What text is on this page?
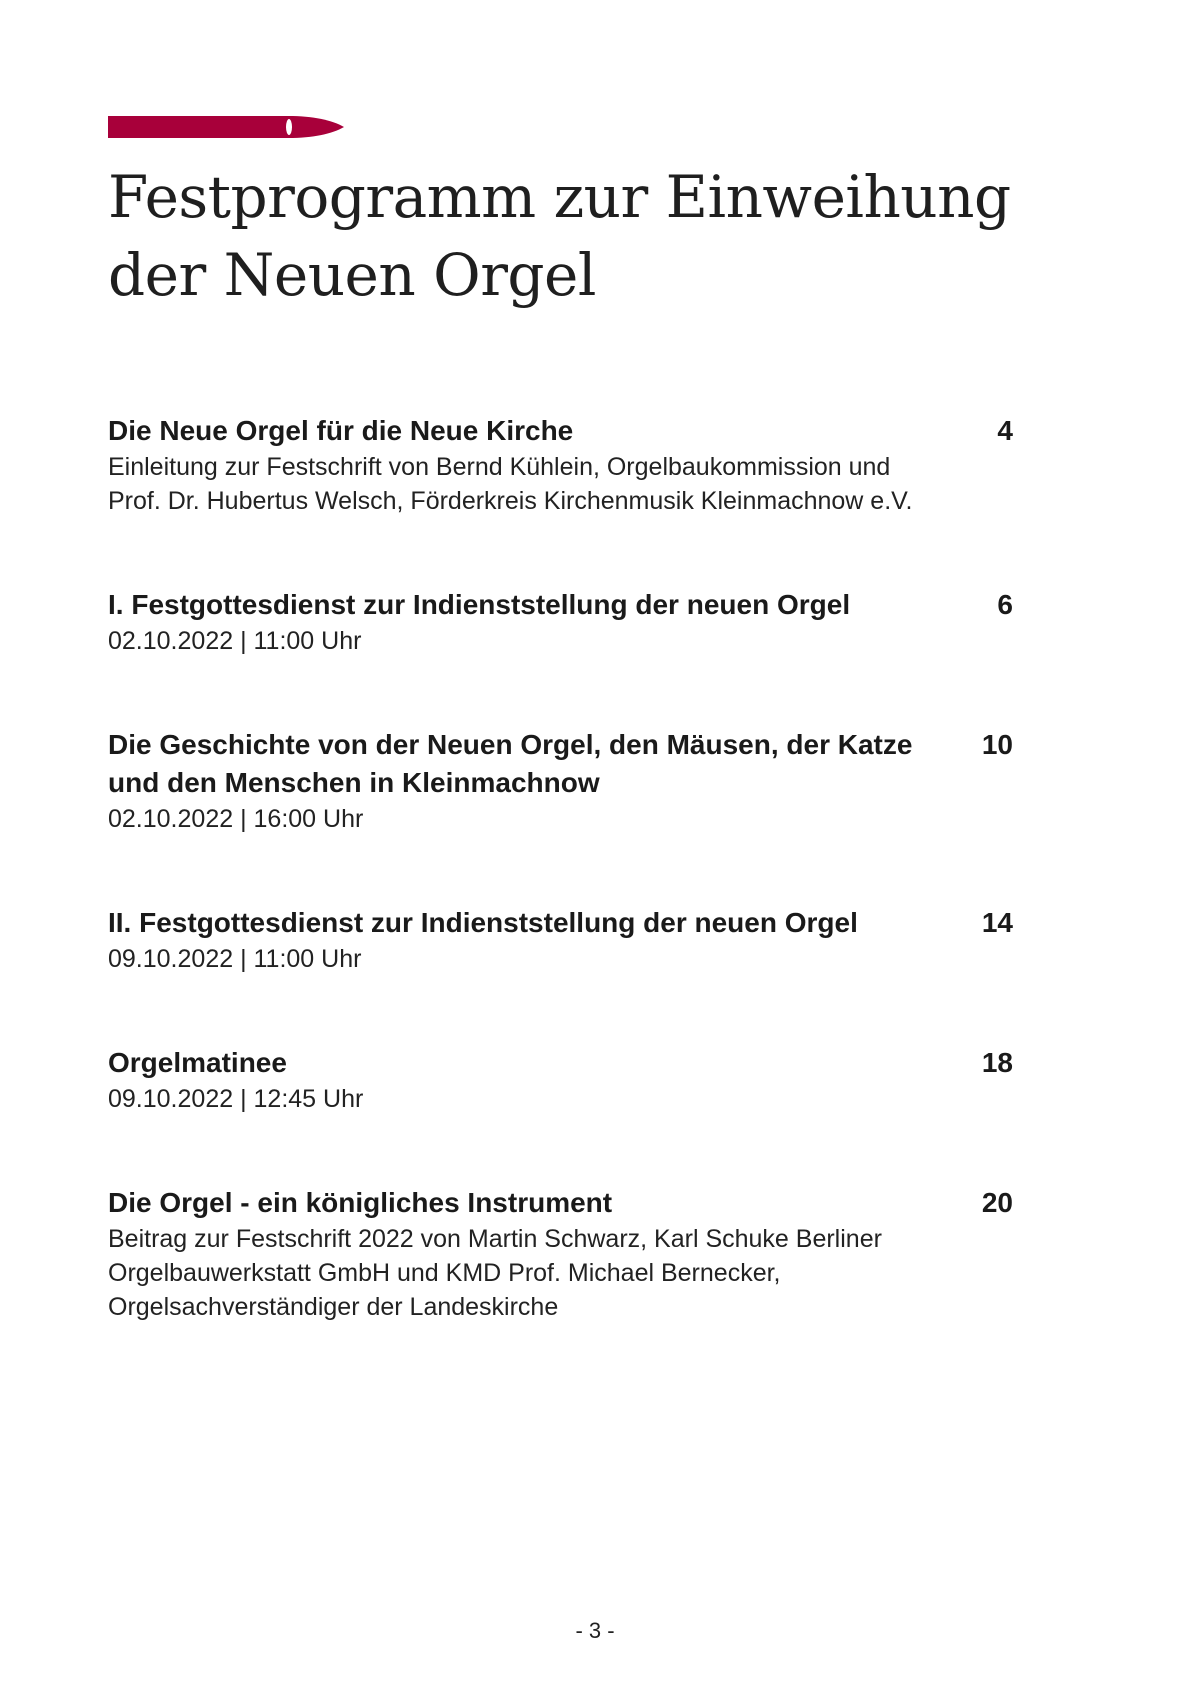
Festprogramm zur Einweihung
der Neuen Orgel
Die Neue Orgel für die Neue Kirche
Einleitung zur Festschrift von Bernd Kühlein, Orgelbaukommission und
Prof. Dr. Hubertus Welsch, Förderkreis Kirchenmusik Kleinmachnow e.V.
4
I. Festgottesdienst zur Indienststellung der neuen Orgel
02.10.2022 | 11:00 Uhr
6
Die Geschichte von der Neuen Orgel, den Mäusen, der Katze
und den Menschen in Kleinmachnow
02.10.2022 | 16:00 Uhr
10
II. Festgottesdienst zur Indienststellung der neuen Orgel
09.10.2022 | 11:00 Uhr
14
Orgelmatinee
09.10.2022 | 12:45 Uhr
18
Die Orgel - ein königliches Instrument
Beitrag zur Festschrift 2022 von Martin Schwarz, Karl Schuke Berliner
Orgelbauwerkstatt GmbH und KMD Prof. Michael Bernecker,
Orgelsachverständiger der Landeskirche
20
- 3 -
